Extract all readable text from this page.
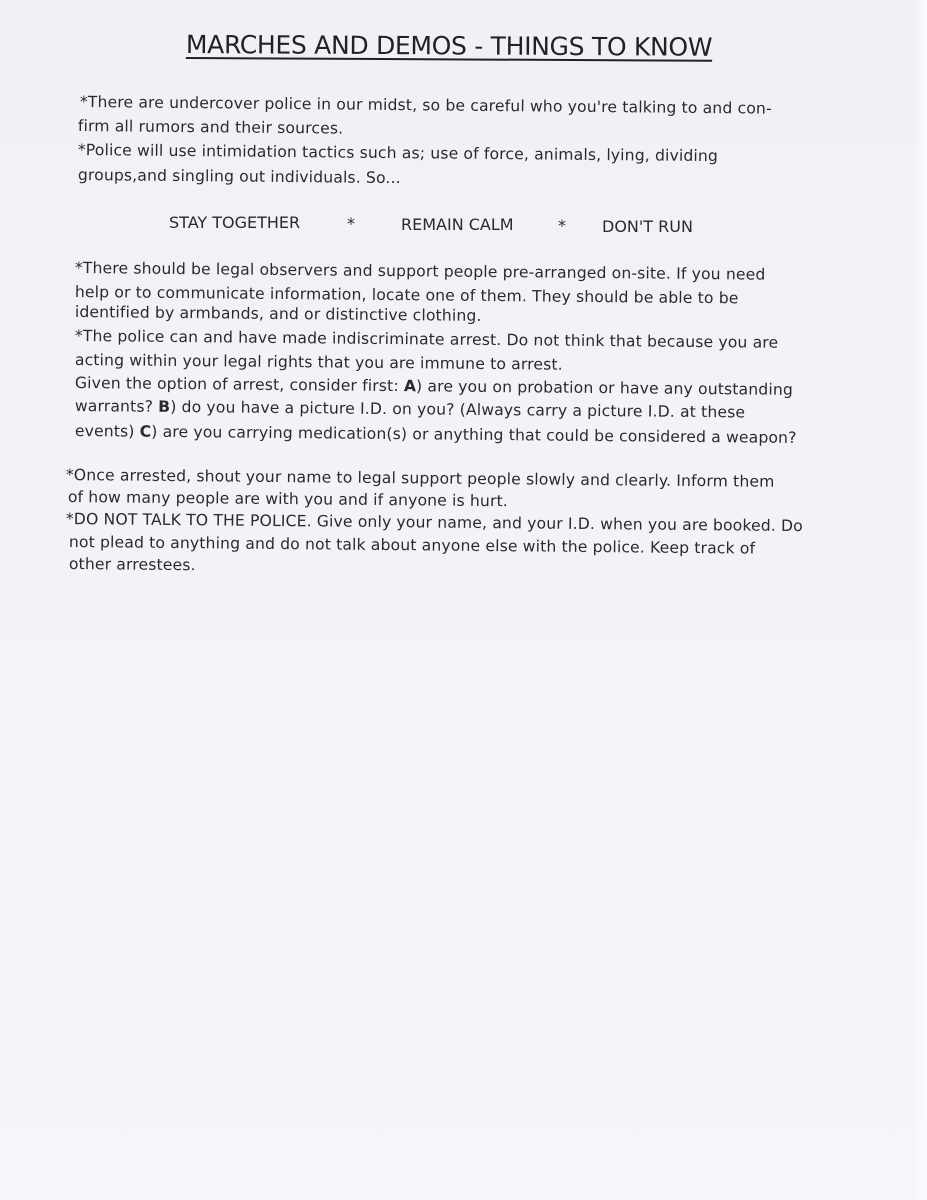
MARCHES AND DEMOS - THINGS TO KNOW
*There are undercover police in our midst, so be careful who you're talking to and con-
firm all rumors and their sources.
*Police will use intimidation tactics such as; use of force, animals, lying, dividing
groups,and singling out individuals. So...
STAY TOGETHER	*	REMAIN CALM	* DON'T RUN
*There should be legal observers and support people pre-arranged on-site. If you need
help or to communicate information, locate one of them. They should be able to be
identified by armbands, and or distinctive clothing.
*The police can and have made indiscriminate arrest. Do not think that because you are
acting within your legal rights that you are immune to arrest.
Given the option of arrest, consider first: A) are you on probation or have any outstanding
warrants? B) do you have a picture I.D. on you? (Always carry a picture I.D. at these
events) C) are you carrying medication(s) or anything that could be considered a weapon?
*Once arrested, shout your name to legal support people slowly and clearly. Inform them
of how many people are with you and if anyone is hurt.
*DO NOT TALK TO THE POLICE. Give only your name, and your I.D. when you are booked. Do
not plead to anything and do not talk about anyone else with the police. Keep track of
other arrestees.
